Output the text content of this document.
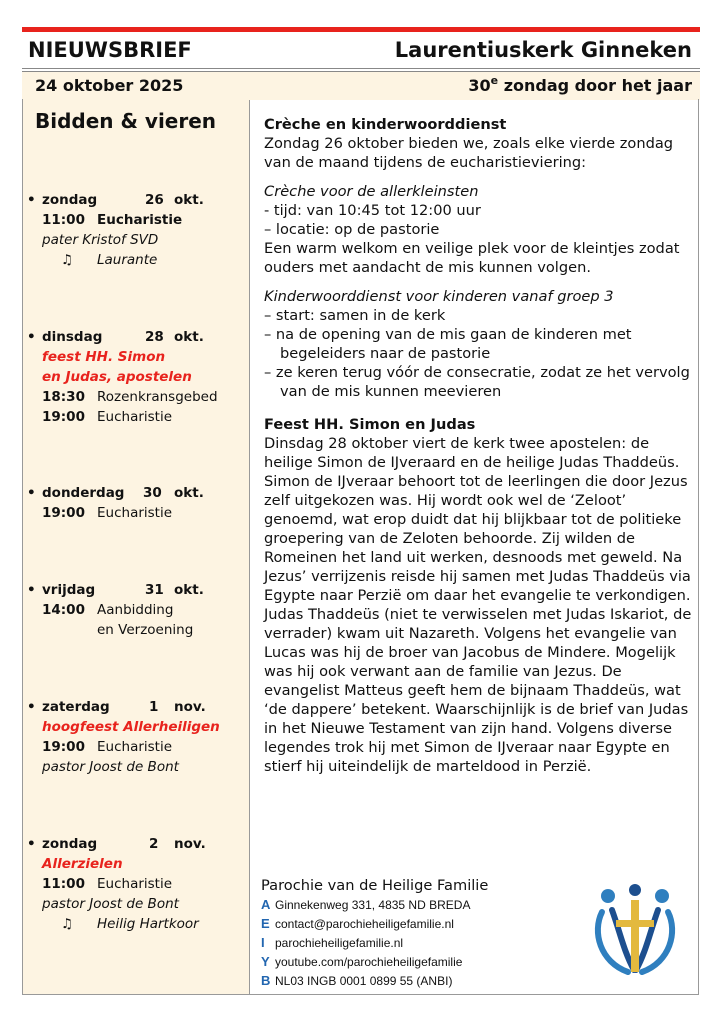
NIEUWSBRIEF	Laurentiuskerk Ginneken
24 oktober 2025	30e zondag door het jaar
Bidden & vieren
• zondag	26 okt.
11:00 Eucharistie
pater Kristof SVD
♫ Laurante
• dinsdag	28 okt.
feest HH. Simon
en Judas, apostelen
18:30 Rozenkransgebed
19:00 Eucharistie
• donderdag 30 okt.
19:00 Eucharistie
• vrijdag	31 okt.
14:00 Aanbidding
en Verzoening
• zaterdag	1 nov.
hoogfeest Allerheiligen
19:00 Eucharistie
pastor Joost de Bont
• zondag	2 nov.
Allerzielen
11:00 Eucharistie
pastor Joost de Bont
♫ Heilig Hartkoor

Crèche en kinderwoorddienst

Zondag 26 oktober bieden we, zoals elke vierde zondag van de maand tijdens de eucharistieviering:

Crèche voor de allerkleinsten

- tijd: van 10:45 tot 12:00 uur

– locatie: op de pastorie

Een warm welkom en veilige plek voor de kleintjes zodat ouders met aandacht de mis kunnen volgen.

Kinderwoorddienst voor kinderen vanaf groep 3

– start: samen in de kerk

– na de opening van de mis gaan de kinderen met begeleiders naar de pastorie

– ze keren terug vóór de consecratie, zodat ze het vervolg van de mis kunnen meevieren

Feest HH. Simon en Judas

Dinsdag 28 oktober viert de kerk twee apostelen: de heilige Simon de IJveraard en de heilige Judas Thaddeüs. Simon de IJveraar behoort tot de leerlingen die door Jezus zelf uitgekozen was. Hij wordt ook wel de ‘Zeloot’ genoemd, wat erop duidt dat hij blijkbaar tot de politieke groepering van de Zeloten behoorde. Zij wilden de Romeinen het land uit werken, desnoods met geweld. Na Jezus’ verrijzenis reisde hij samen met Judas Thaddeüs via Egypte naar Perzië om daar het evangelie te verkondigen. Judas Thaddeüs (niet te verwisselen met Judas Iskariot, de verrader) kwam uit Nazareth. Volgens het evangelie van Lucas was hij de broer van Jacobus de Mindere. Mogelijk was hij ook verwant aan de familie van Jezus. De evangelist Matteus geeft hem de bijnaam Thaddeüs, wat ‘de dappere’ betekent. Waarschijnlijk is de brief van Judas in het Nieuwe Testament van zijn hand. Volgens diverse legendes trok hij met Simon de IJveraar naar Egypte en stierf hij uiteindelijk de marteldood in Perzië.

Parochie van de Heilige Familie
A Ginnekenweg 331, 4835 ND BREDA
E contact@parochieheiligefamilie.nl
I parochieheiligefamilie.nl
Y youtube.com/parochieheiligefamilie
B NL03 INGB 0001 0899 55 (ANBI)
